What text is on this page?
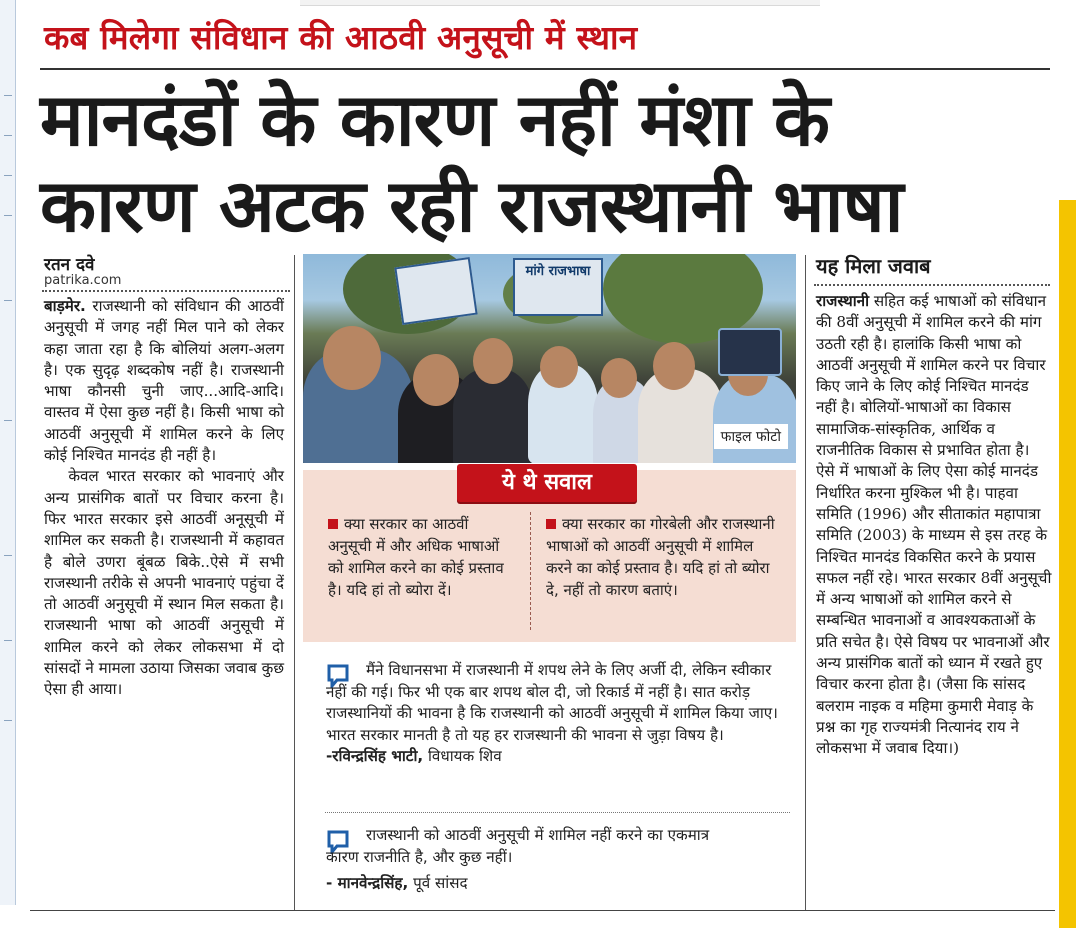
कब मिलेगा संविधान की आठवी अनुसूची में स्थान
मानदंडों के कारण नहीं मंशा के
कारण अटक रही राजस्थानी भाषा
रतन दवे
patrika.com

बाड़मेर. राजस्थानी को संविधान की आठवीं अनुसूची में जगह नहीं मिल पाने को लेकर कहा जाता रहा है कि बोलियां अलग-अलग है। एक सुदृढ़ शब्दकोष नहीं है। राजस्थानी भाषा कौनसी चुनी जाए...आदि-आदि। वास्तव में ऐसा कुछ नहीं है। किसी भाषा को आठवीं अनुसूची में शामिल करने के लिए कोई निश्चित मानदंड ही नहीं है।

केवल भारत सरकार को भावनाएं और अन्य प्रासंगिक बातों पर विचार करना है। फिर भारत सरकार इसे आठवीं अनूसूची में शामिल कर सकती है। राजस्थानी में कहावत है बोले उणरा बूंबळ बिके..ऐसे में सभी राजस्थानी तरीके से अपनी भावनाएं पहुंचा दें तो आठवीं अनुसूची में स्थान मिल सकता है। राजस्थानी भाषा को आठवीं अनुसूची में शामिल करने को लेकर लोकसभा में दो सांसदों ने मामला उठाया जिसका जवाब कुछ ऐसा ही आया।

मांगे राजभाषा
फाइल फोटो
ये थे सवाल
क्या सरकार का आठवीं अनुसूची में और अधिक भाषाओं को शामिल करने का कोई प्रस्ताव है। यदि हां तो ब्योरा दें।
क्या सरकार का गोरबेली और राजस्थानी भाषाओं को आठवीं अनुसूची में शामिल करने का कोई प्रस्ताव है। यदि हां तो ब्योरा दे, नहीं तो कारण बताएं।
मैंने विधानसभा में राजस्थानी में शपथ लेने के लिए अर्जी दी, लेकिन स्वीकार नहीं की गई। फिर भी एक बार शपथ बोल दी, जो रिकार्ड में नहीं है। सात करोड़ राजस्थानियों की भावना है कि राजस्थानी को आठवीं अनुसूची में शामिल किया जाए। भारत सरकार मानती है तो यह हर राजस्थानी की भावना से जुड़ा विषय है। -रविन्द्रसिंह भाटी, विधायक शिव
राजस्थानी को आठवीं अनुसूची में शामिल नहीं करने का एकमात्र कारण राजनीति है, और कुछ नहीं।
- मानवेन्द्रसिंह, पूर्व सांसद
यह मिला जवाब

राजस्थानी सहित कई भाषाओं को संविधान की 8वीं अनुसूची में शामिल करने की मांग उठती रही है। हालांकि किसी भाषा को आठवीं अनुसूची में शामिल करने पर विचार किए जाने के लिए कोई निश्चित मानदंड नहीं है। बोलियों-भाषाओं का विकास सामाजिक-सांस्कृतिक, आर्थिक व राजनीतिक विकास से प्रभावित होता है। ऐसे में भाषाओं के लिए ऐसा कोई मानदंड निर्धारित करना मुश्किल भी है। पाहवा समिति (1996) और सीताकांत महापात्रा समिति (2003) के माध्यम से इस तरह के निश्चित मानदंड विकसित करने के प्रयास सफल नहीं रहे। भारत सरकार 8वीं अनुसूची में अन्य भाषाओं को शामिल करने से सम्बन्धित भावनाओं व आवश्यकताओं के प्रति सचेत है। ऐसे विषय पर भावनाओं और अन्य प्रासंगिक बातों को ध्यान में रखते हुए विचार करना होता है। (जैसा कि सांसद बलराम नाइक व महिमा कुमारी मेवाड़ के प्रश्न का गृह राज्यमंत्री नित्यानंद राय ने लोकसभा में जवाब दिया।)
